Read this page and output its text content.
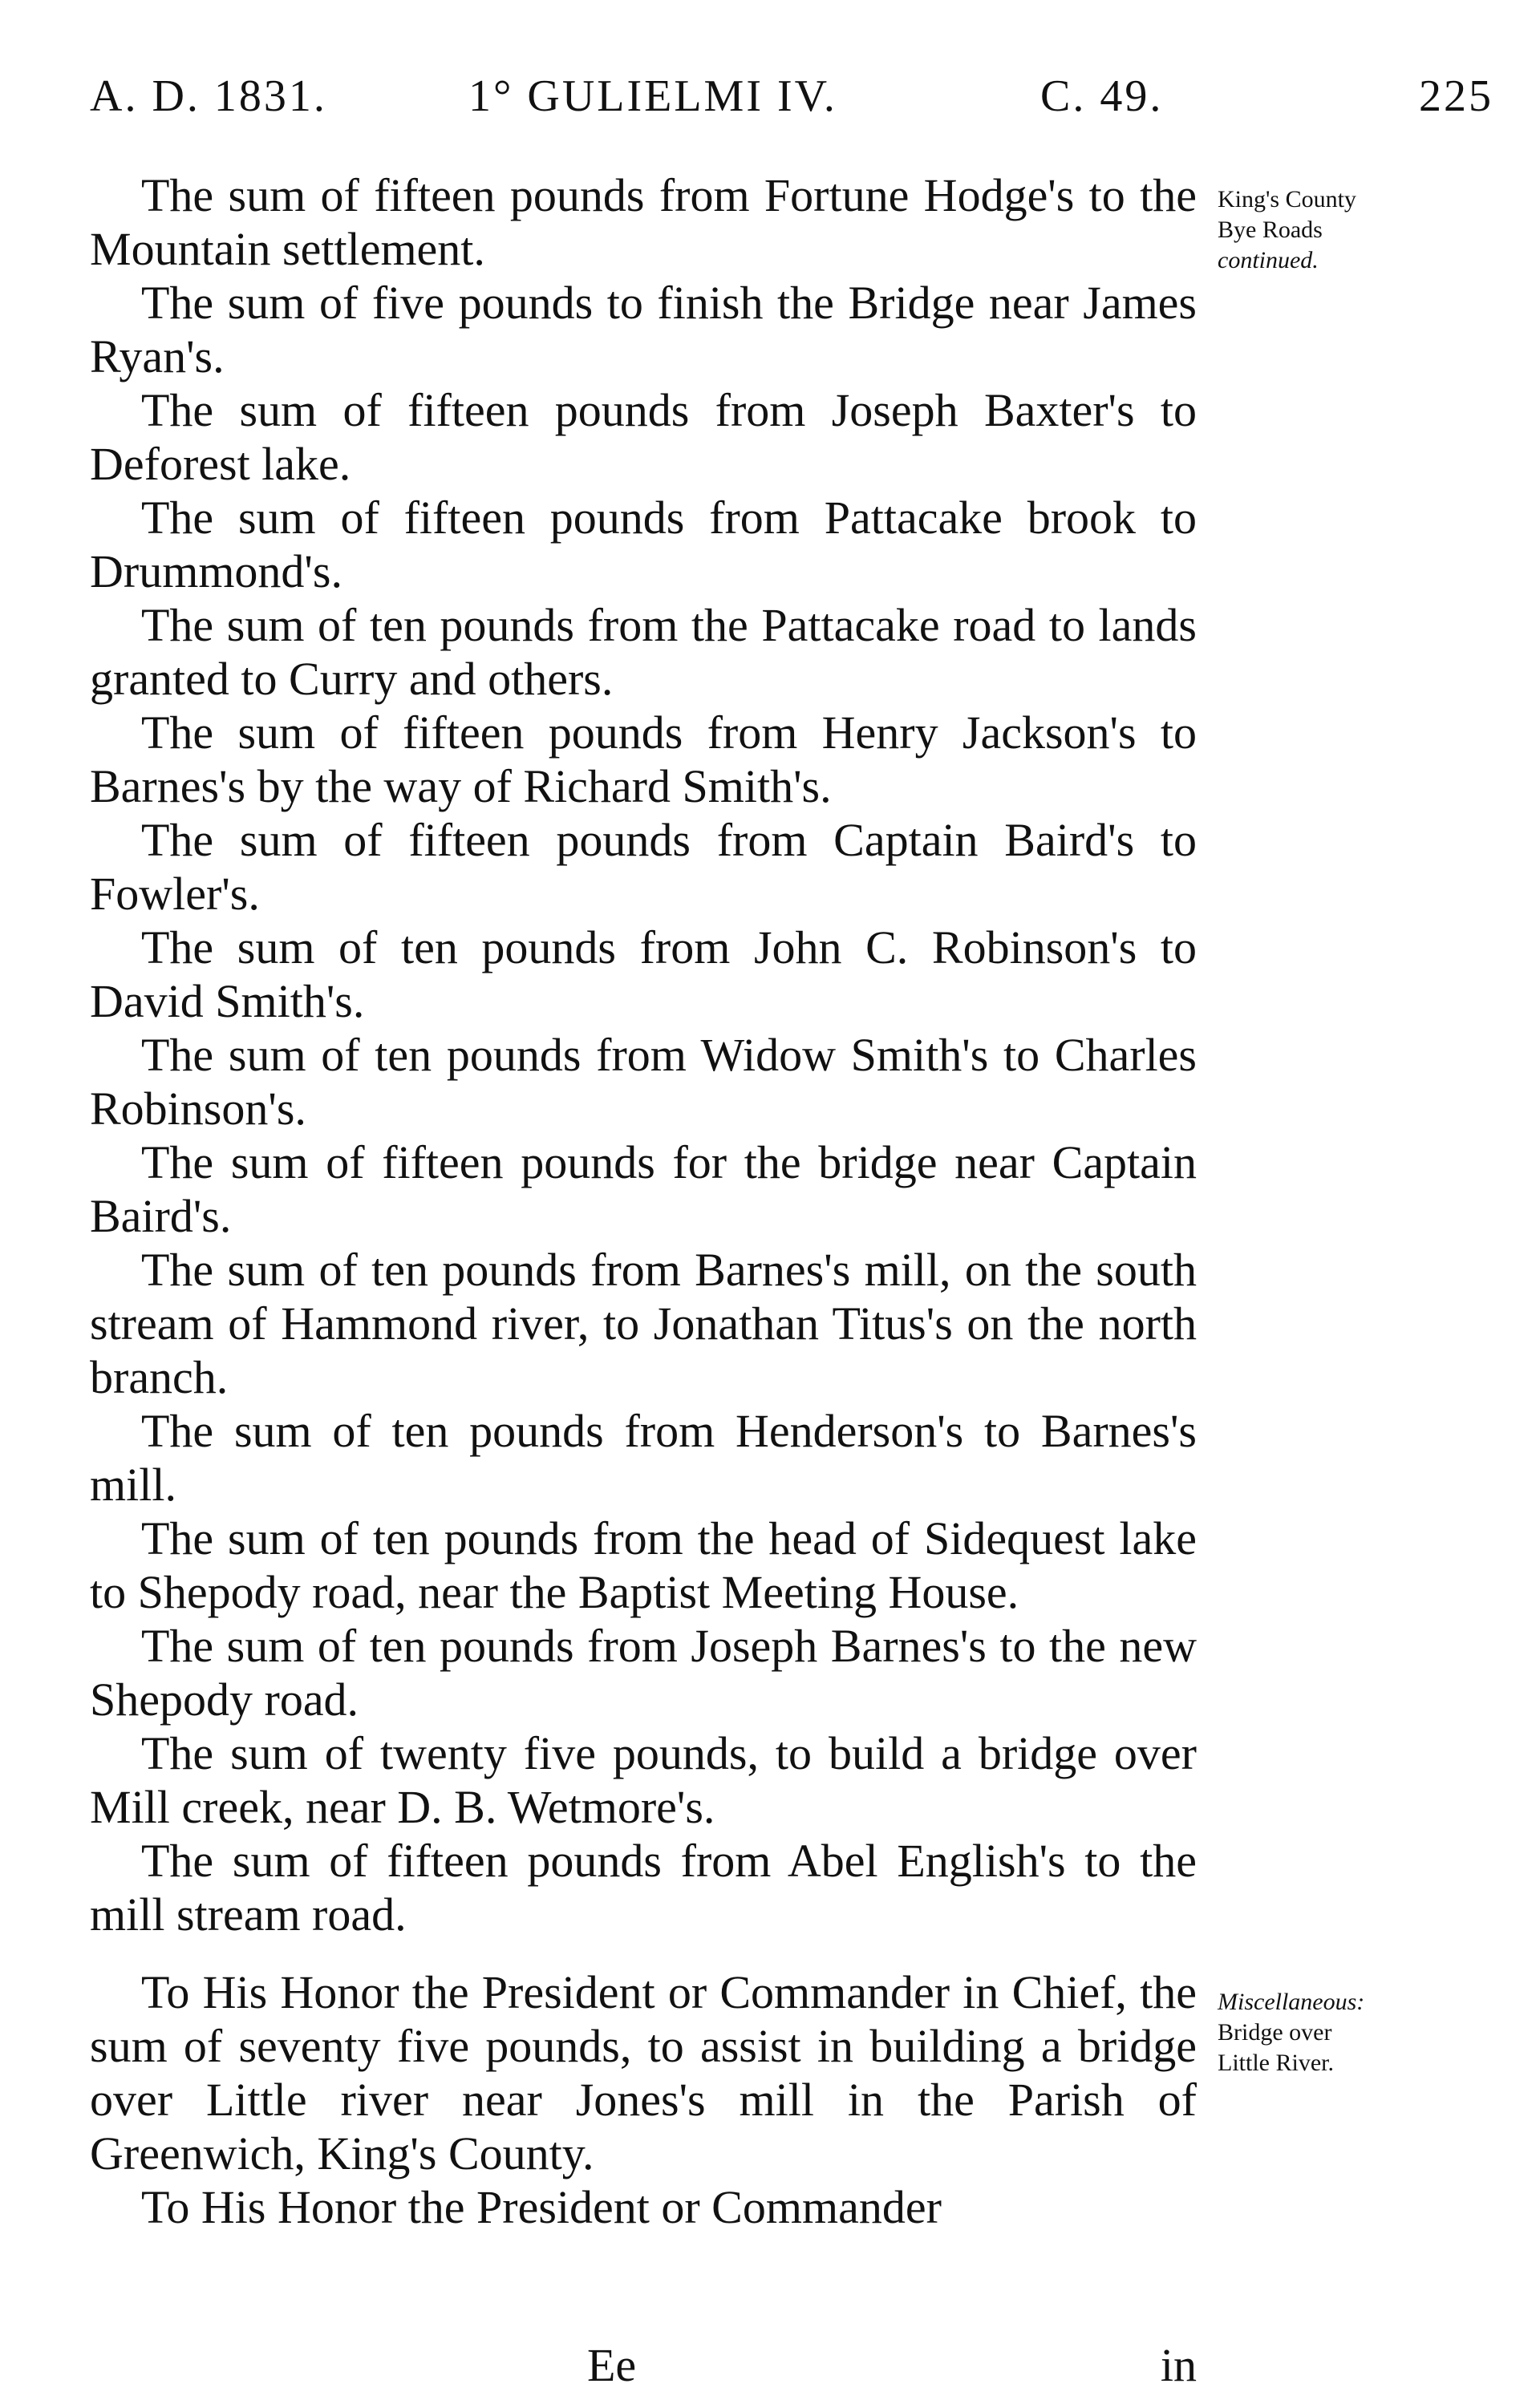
A. D. 1831.	1° GULIELMI IV.	C. 49.	225

The sum of fifteen pounds from Fortune Hodge's to the Mountain settlement.

The sum of five pounds to finish the Bridge near James Ryan's.

The sum of fifteen pounds from Joseph Baxter's to Deforest lake.

The sum of fifteen pounds from Pattacake brook to Drummond's.

The sum of ten pounds from the Pattacake road to lands granted to Curry and others.

The sum of fifteen pounds from Henry Jackson's to Barnes's by the way of Richard Smith's.

The sum of fifteen pounds from Captain Baird's to Fowler's.

The sum of ten pounds from John C. Robinson's to David Smith's.

The sum of ten pounds from Widow Smith's to Charles Robinson's.

The sum of fifteen pounds for the bridge near Captain Baird's.

The sum of ten pounds from Barnes's mill, on the south stream of Hammond river, to Jonathan Titus's on the north branch.

The sum of ten pounds from Henderson's to Barnes's mill.

The sum of ten pounds from the head of Sidequest lake to Shepody road, near the Baptist Meeting House.

The sum of ten pounds from Joseph Barnes's to the new Shepody road.

The sum of twenty five pounds, to build a bridge over Mill creek, near D. B. Wetmore's.

The sum of fifteen pounds from Abel English's to the mill stream road.

To His Honor the President or Commander in Chief, the sum of seventy five pounds, to assist in building a bridge over Little river near Jones's mill in the Parish of Greenwich, King's County.

To His Honor the President or Commander

King's County
Bye Roads
continued.
Miscellaneous:
Bridge over
Little River.
Ee	in
